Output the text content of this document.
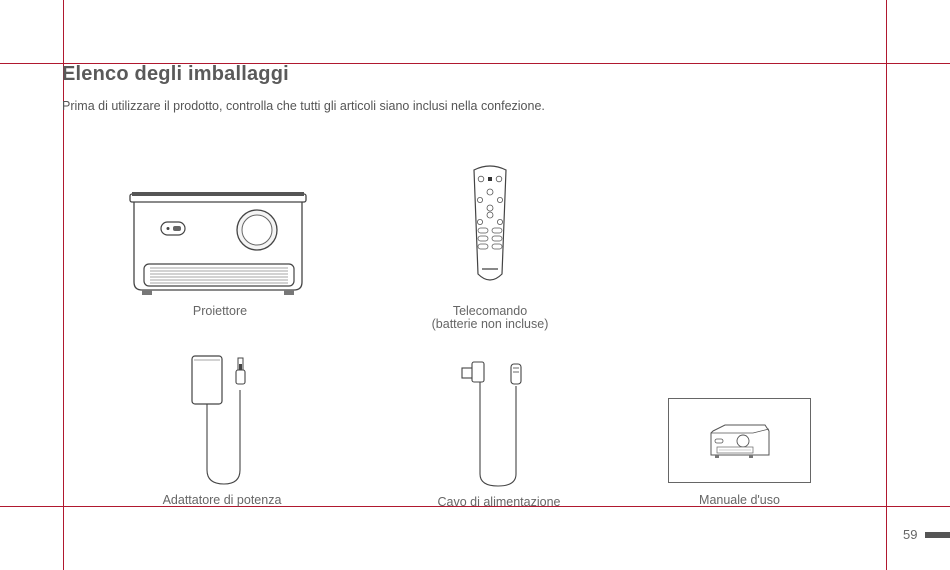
Elenco degli imballaggi
Prima di utilizzare il prodotto, controlla che tutti gli articoli siano inclusi nella confezione.
Proiettore	Telecomando
(batterie non incluse)
Adattatore di potenza	Cavo di alimentazione	Manuale d'uso
59
